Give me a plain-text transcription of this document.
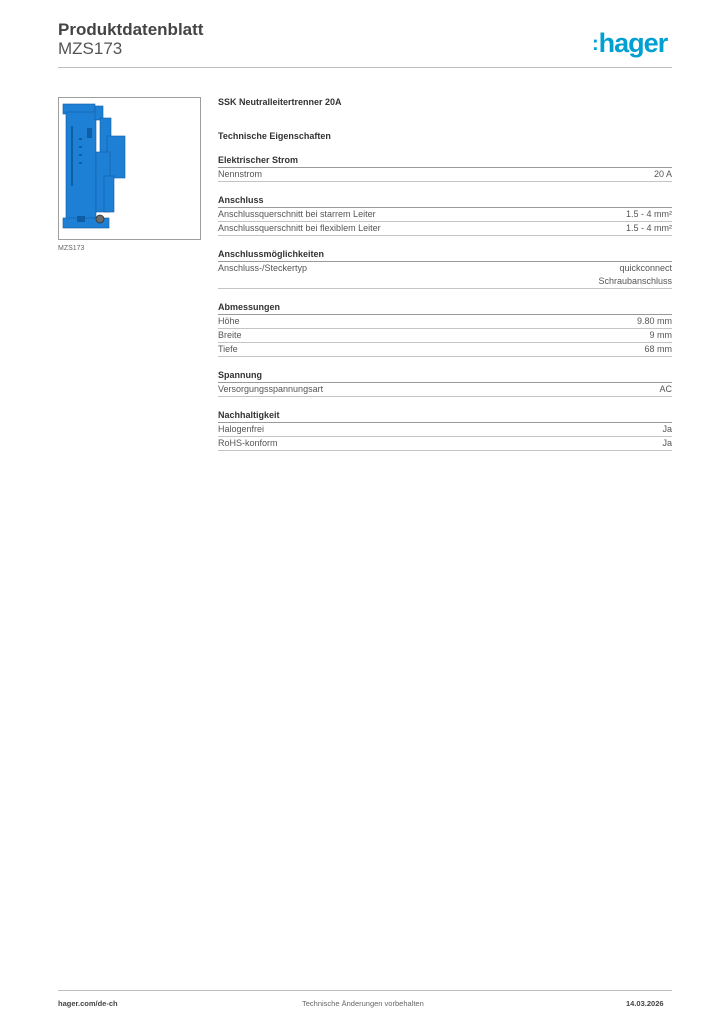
Produktdatenblatt
MZS173	:hager
MZS173
SSK Neutralleitertrenner 20A
Technische Eigenschaften
Elektrischer Strom
Nennstrom	20 A
Anschluss
Anschlussquerschnitt bei starrem Leiter	1.5 - 4 mm²
Anschlussquerschnitt bei flexiblem Leiter	1.5 - 4 mm²
Anschlussmöglichkeiten
Anschluss-/Steckertyp	quickconnect
Schraubanschluss
Abmessungen
Höhe	9.80 mm
Breite	9 mm
Tiefe	68 mm
Spannung
Versorgungsspannungsart	AC
Nachhaltigkeit
Halogenfrei	Ja
RoHS-konform	Ja
hager.com/de-ch	Technische Änderungen vorbehalten	14.03.2026
